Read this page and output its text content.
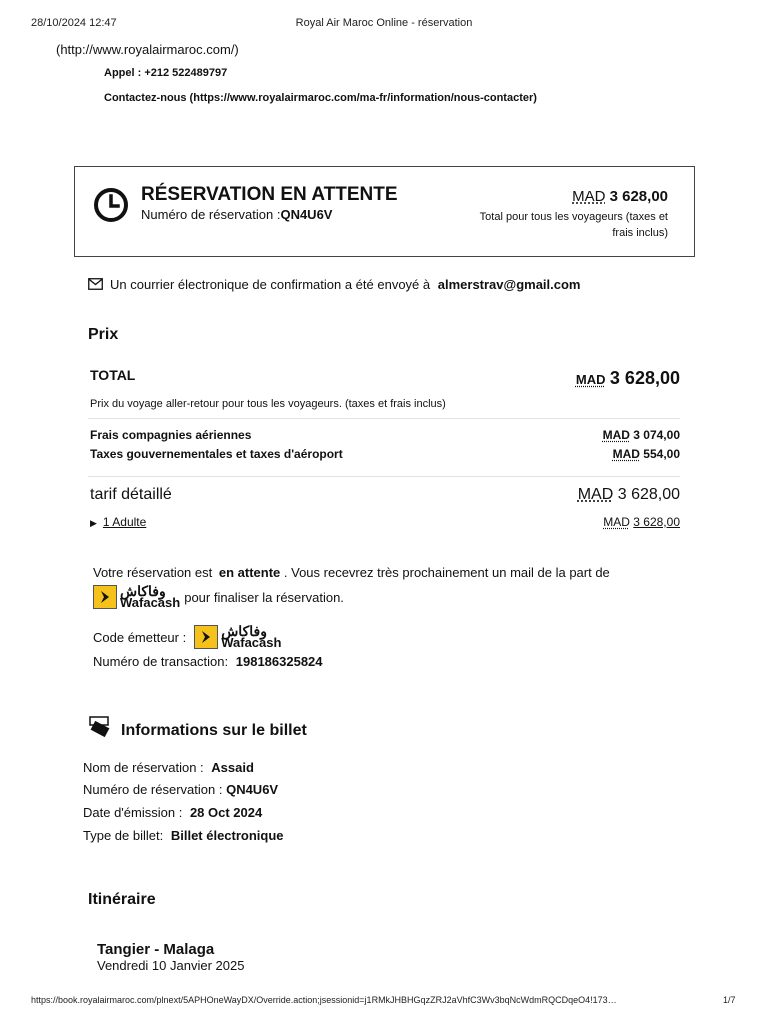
28/10/2024 12:47	Royal Air Maroc Online - réservation
(http://www.royalairmaroc.com/)
Appel : +212 522489797
Contactez-nous (https://www.royalairmaroc.com/ma-fr/information/nous-contacter)
RÉSERVATION EN ATTENTE
Numéro de réservation :QN4U6V
MAD 3 628,00
Total pour tous les voyageurs (taxes et
frais inclus)
Un courrier électronique de confirmation a été envoyé à almerstrav@gmail.com
Prix
TOTAL	MAD 3 628,00
Prix du voyage aller-retour pour tous les voyageurs. (taxes et frais inclus)
Frais compagnies aériennes	MAD 3 074,00
Taxes gouvernementales et taxes d'aéroport	MAD 554,00
tarif détaillé	MAD 3 628,00
▶ 1 Adulte	MAD 3 628,00
Votre réservation est en attente . Vous recevrez très prochainement un mail de la part de
وفاكاش
Wafacash pour finaliser la réservation.
Code émetteur :	وفاكاش
Wafacash
Numéro de transaction: 198186325824
Informations sur le billet
Nom de réservation : Assaid
Numéro de réservation : QN4U6V
Date d'émission : 28 Oct 2024
Type de billet: Billet électronique
Itinéraire
Tangier - Malaga
Vendredi 10 Janvier 2025
https://book.royalairmaroc.com/plnext/5APHOneWayDX/Override.action;jsessionid=j1RMkJHBHGqzZRJ2aVhfC3Wv3bqNcWdmRQCDqeO4!173…	1/7
